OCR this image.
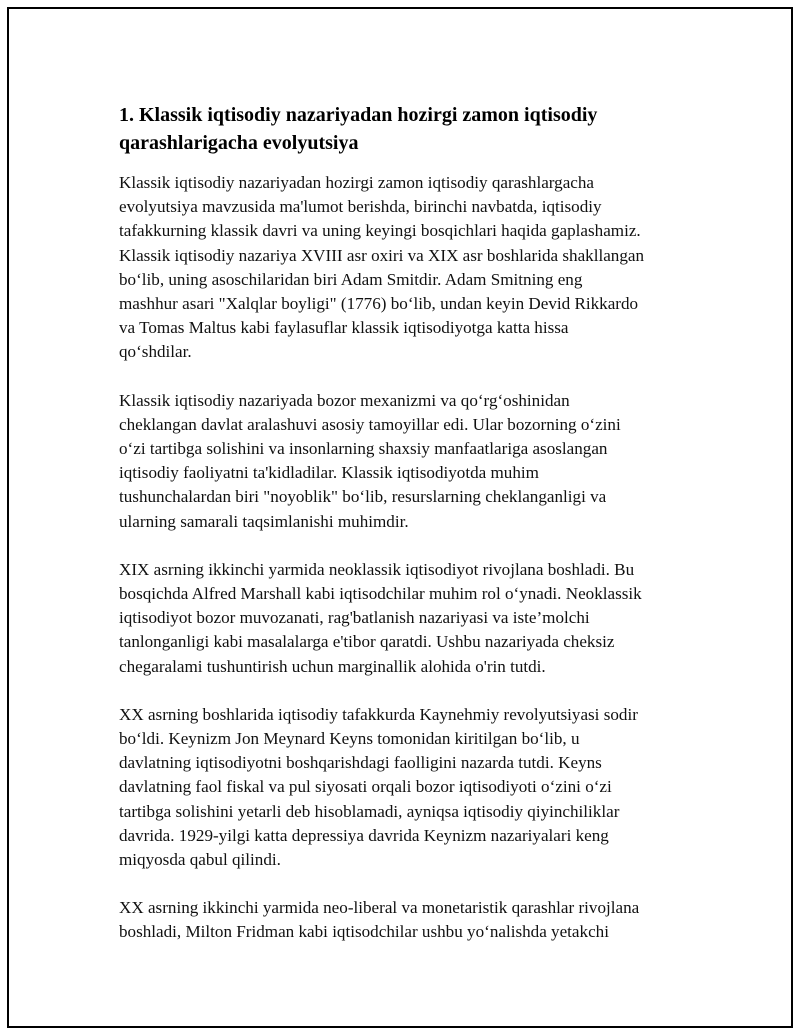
1. Klassik iqtisodiy nazariyadan hozirgi zamon iqtisodiy
qarashlarigacha evolyutsiya

Klassik iqtisodiy nazariyadan hozirgi zamon iqtisodiy qarashlargacha
evolyutsiya mavzusida ma'lumot berishda, birinchi navbatda, iqtisodiy
tafakkurning klassik davri va uning keyingi bosqichlari haqida gaplashamiz.
Klassik iqtisodiy nazariya XVIII asr oxiri va XIX asr boshlarida shakllangan
bo‘lib, uning asoschilaridan biri Adam Smitdir. Adam Smitning eng
mashhur asari "Xalqlar boyligi" (1776) bo‘lib, undan keyin Devid Rikkardo
va Tomas Maltus kabi faylasuflar klassik iqtisodiyotga katta hissa
qo‘shdilar.

Klassik iqtisodiy nazariyada bozor mexanizmi va qo‘rg‘oshinidan
cheklangan davlat aralashuvi asosiy tamoyillar edi. Ular bozorning o‘zini
o‘zi tartibga solishini va insonlarning shaxsiy manfaatlariga asoslangan
iqtisodiy faoliyatni ta'kidladilar. Klassik iqtisodiyotda muhim
tushunchalardan biri "noyoblik" bo‘lib, resurslarning cheklanganligi va
ularning samarali taqsimlanishi muhimdir.

XIX asrning ikkinchi yarmida neoklassik iqtisodiyot rivojlana boshladi. Bu
bosqichda Alfred Marshall kabi iqtisodchilar muhim rol o‘ynadi. Neoklassik
iqtisodiyot bozor muvozanati, rag'batlanish nazariyasi va iste’molchi
tanlonganligi kabi masalalarga e'tibor qaratdi. Ushbu nazariyada cheksiz
chegaralami tushuntirish uchun marginallik alohida o'rin tutdi.

XX asrning boshlarida iqtisodiy tafakkurda Kaynehmiy revolyutsiyasi sodir
bo‘ldi. Keynizm Jon Meynard Keyns tomonidan kiritilgan bo‘lib, u
davlatning iqtisodiyotni boshqarishdagi faolligini nazarda tutdi. Keyns
davlatning faol fiskal va pul siyosati orqali bozor iqtisodiyoti o‘zini o‘zi
tartibga solishini yetarli deb hisoblamadi, ayniqsa iqtisodiy qiyinchiliklar
davrida. 1929-yilgi katta depressiya davrida Keynizm nazariyalari keng
miqyosda qabul qilindi.

XX asrning ikkinchi yarmida neo-liberal va monetaristik qarashlar rivojlana
boshladi, Milton Fridman kabi iqtisodchilar ushbu yo‘nalishda yetakchi
